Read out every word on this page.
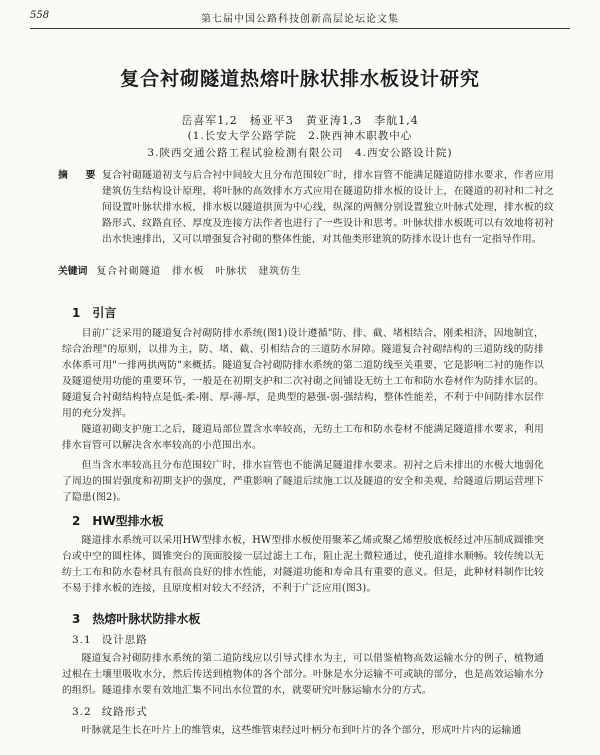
558	第七届中国公路科技创新高层论坛论文集
复合衬砌隧道热熔叶脉状排水板设计研究
岳喜军1,2　杨亚平3　黄亚涛1,3　李航1,4
(1.长安大学公路学院　2.陕西神木职教中心
3.陕西交通公路工程试验检测有限公司　4.西安公路设计院)
摘　要 复合衬砌隧道初支与后合衬中间较大且分布范围较广时，排水盲管不能满足隧道防排水要求，作者应用建筑仿生结构设计原理，将叶脉的高效排水方式应用在隧道防排水板的设计上，在隧道的初衬和二衬之间设置叶脉状排水板，排水板以隧道拱顶为中心线，纵深的两侧分别设置独立叶脉式处理，排水板的纹路形式、纹路直径、厚度及连接方法作者也进行了一些设计和思考。叶脉状排水板既可以有效地将初衬出水快速排出，又可以增强复合衬砌的整体性能，对其他类形建筑的防排水设计也有一定指导作用。
关键词 复合衬砌隧道　排水板　叶脉状　建筑仿生
1 引言
目前广泛采用的隧道复合衬砌防排水系统(图1)设计遵循"防、排、截、堵相结合，刚柔相济，因地制宜，综合治理"的原则，以排为主，防、堵、截、引相结合的三道防水屏障。隧道复合衬砌结构的三道防线的防排水体系可用"一排两拱两防"来概括。隧道复合衬砌防排水系统的第二道防线至关重要，它是影响二衬的施作以及隧道使用功能的重要环节，一般是在初期支护和二次衬砌之间铺设无纺土工布和防水卷材作为防排水层的。隧道复合衬砌结构特点是低-柔-刚、厚-薄-厚，是典型的悬强-弱-强结构，整体性能差，不利于中间防排水层作用的充分发挥。
隧道初砌支护施工之后，隧道局部位置含水率较高，无纺土工布和防水卷材不能满足隧道排水要求，利用排水盲管可以解决含水率较高的小范围出水。
但当含水率较高且分布范围较广时，排水盲管也不能满足隧道排水要求。初衬之后未排出的水极大地弱化了周边的围岩强度和初期支护的强度，严重影响了隧道后续施工以及隧道的安全和美观，给隧道后期运营埋下了隐患(图2)。
2 HW型排水板
隧道排水系统可以采用HW型排水板，HW型排水板使用聚苯乙烯或聚乙烯塑胶底板经过冲压制成圆锥突台或中空的圆柱体，圆锥突台的顶面胶接一层过滤土工布，阻止泥土微粒通过，使孔道排水顺畅。较传统以无纺土工布和防水卷材具有很高良好的排水性能，对隧道功能和寿命具有重要的意义。但是，此种材料制作比较不易于排水板的连接，且原度相对较大不经济，不利于广泛应用(图3)。
3 热熔叶脉状防排水板
3.1 设计思路
隧道复合衬砌防排水系统的第二道防线应以引导式排水为主，可以借鉴植物高效运输水分的例子，植物通过根在土壤里吸收水分，然后传送到植物体的各个部分。叶脉是水分运输不可或缺的部分，也是高效运输水分的组织。隧道排水要有效地汇集不同出水位置的水，就要研究叶脉运输水分的方式。
3.2 纹路形式
叶脉就是生长在叶片上的维管束，这些维管束经过叶柄分布到叶片的各个部分，形成叶片内的运输通
